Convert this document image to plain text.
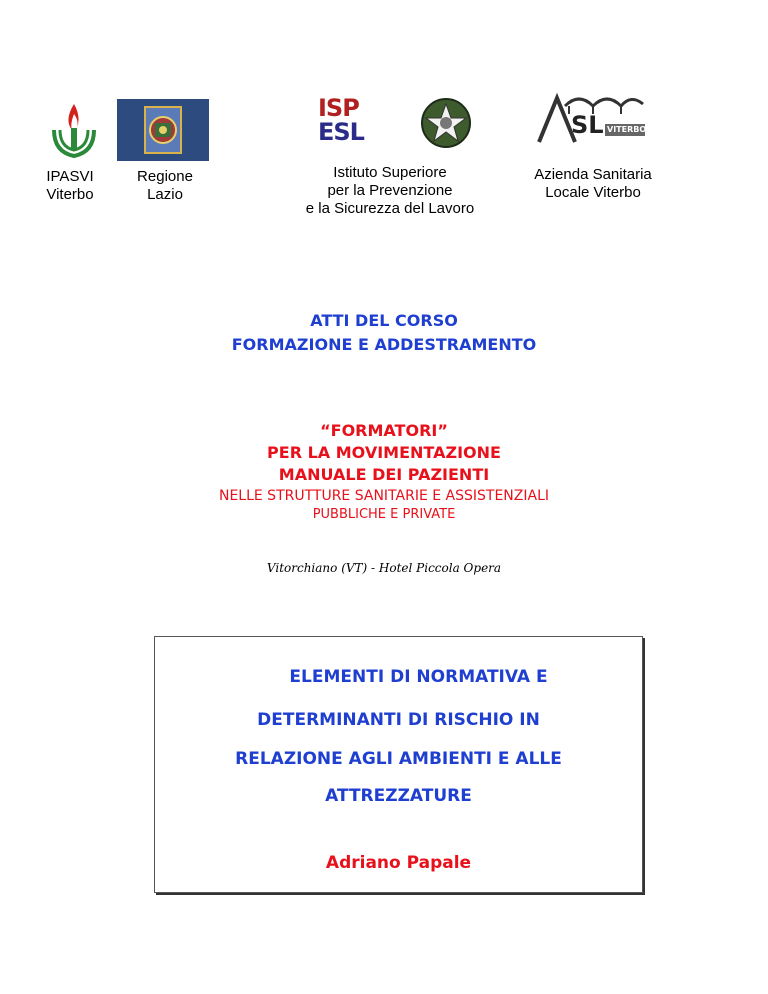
IPASVI
Viterbo
Regione
Lazio
ISP
ESL
Istituto Superiore
per la Prevenzione
e la Sicurezza del Lavoro
SL VITERBO
Azienda Sanitaria
Locale Viterbo
ATTI DEL CORSO
FORMAZIONE E ADDESTRAMENTO
“FORMATORI”
PER LA MOVIMENTAZIONE
MANUALE DEI PAZIENTI
NELLE STRUTTURE SANITARIE E ASSISTENZIALI
PUBBLICHE E PRIVATE
Vitorchiano (VT) - Hotel Piccola Opera
ELEMENTI DI NORMATIVA E
DETERMINANTI DI RISCHIO IN
RELAZIONE AGLI AMBIENTI E ALLE
ATTREZZATURE
Adriano Papale
